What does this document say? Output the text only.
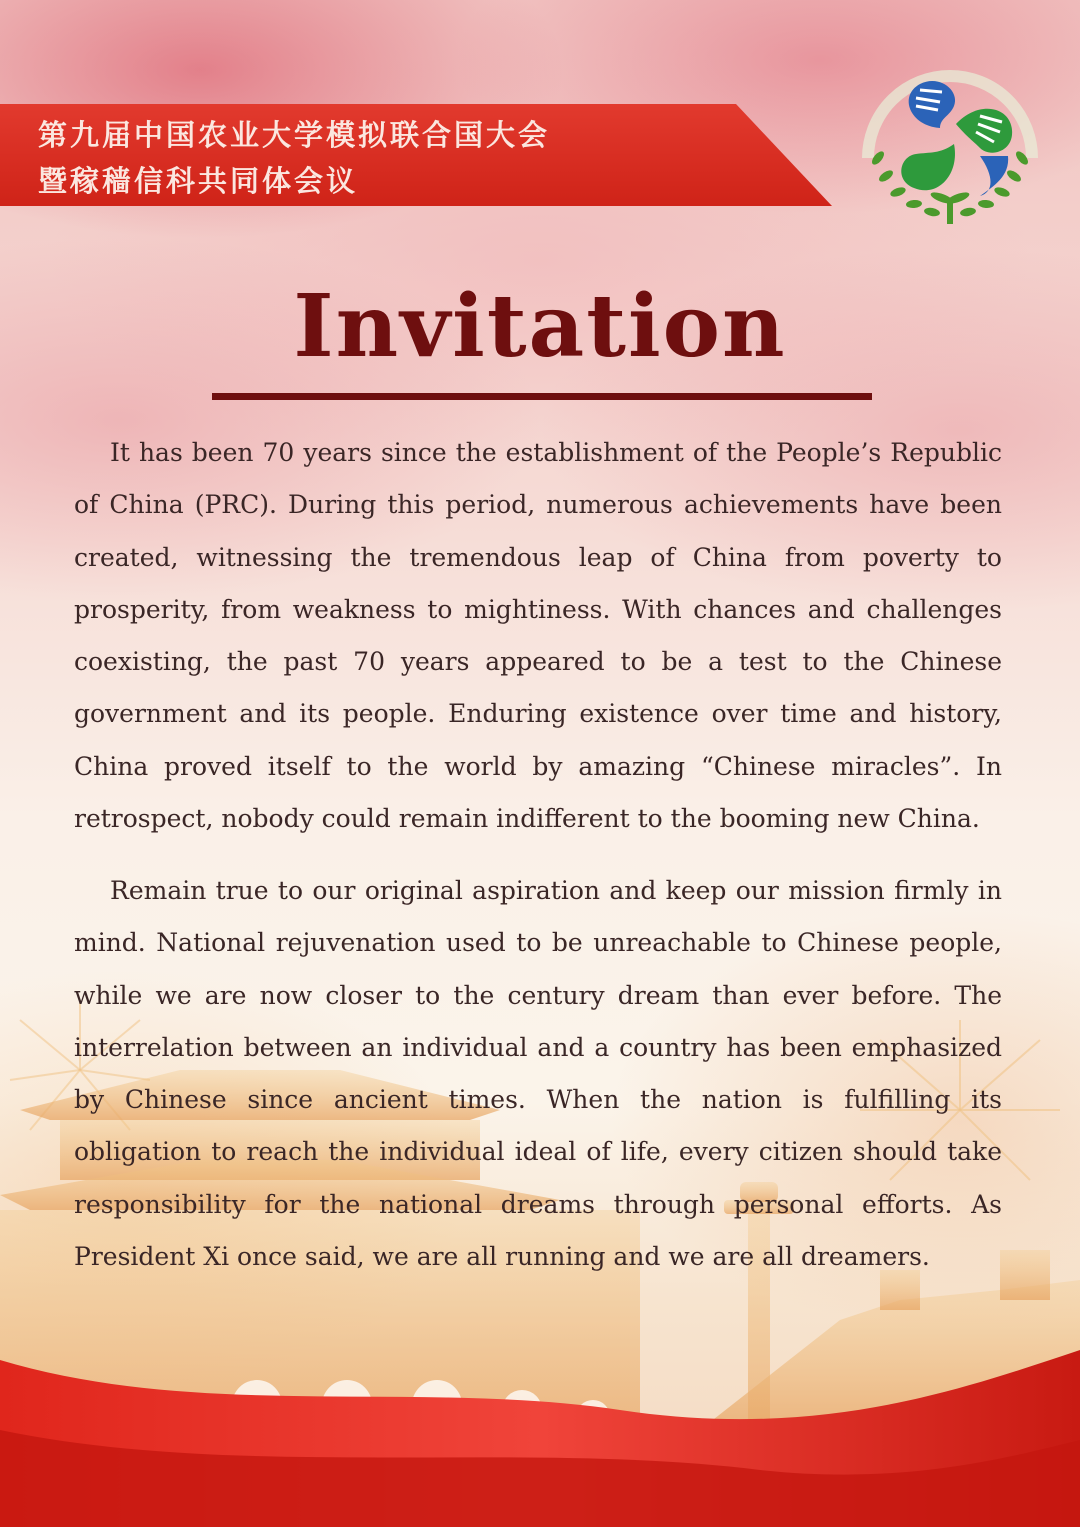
第九届中国农业大学模拟联合国大会
暨稼穑信科共同体会议
Invitation

It has been 70 years since the establishment of the People’s Republic of China (PRC). During this period, numerous achievements have been created, witnessing the tremendous leap of China from poverty to prosperity, from weakness to mightiness. With chances and challenges coexisting, the past 70 years appeared to be a test to the Chinese government and its people. Enduring existence over time and history, China proved itself to the world by amazing “Chinese miracles”. In retrospect, nobody could remain indifferent to the booming new China.

Remain true to our original aspiration and keep our mission firmly in mind. National rejuvenation used to be unreachable to Chinese people, while we are now closer to the century dream than ever before. The interrelation between an individual and a country has been emphasized by Chinese since ancient times. When the nation is fulfilling its obligation to reach the individual ideal of life, every citizen should take responsibility for the national dreams through personal efforts. As President Xi once said, we are all running and we are all dreamers.
